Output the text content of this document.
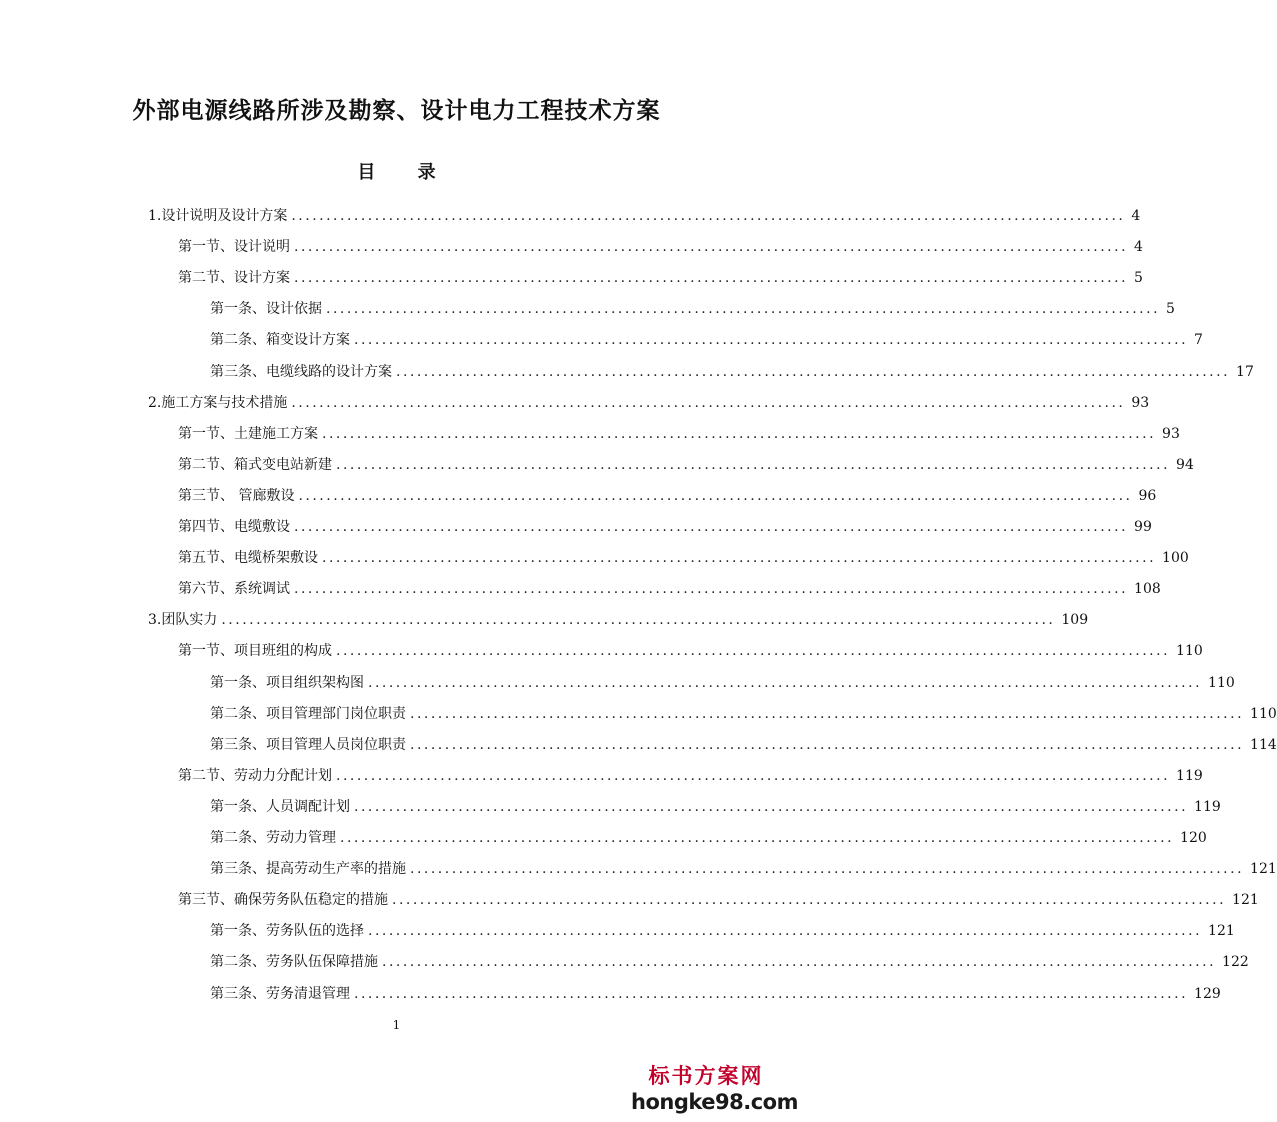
外部电源线路所涉及勘察、设计电力工程技术方案
目 录
1.设计说明及设计方案 ........................................................................................................................ 4
第一节、设计说明 ........................................................................................................................ 4
第二节、设计方案 ........................................................................................................................ 5
第一条、设计依据 ........................................................................................................................ 5
第二条、箱变设计方案 ........................................................................................................................ 7
第三条、电缆线路的设计方案 ........................................................................................................................ 17
2.施工方案与技术措施 ........................................................................................................................ 93
第一节、土建施工方案 ........................................................................................................................ 93
第二节、箱式变电站新建 ........................................................................................................................ 94
第三节、 管廊敷设 ........................................................................................................................ 96
第四节、电缆敷设 ........................................................................................................................ 99
第五节、电缆桥架敷设 ........................................................................................................................ 100
第六节、系统调试 ........................................................................................................................ 108
3.团队实力 ........................................................................................................................ 109
第一节、项目班组的构成 ........................................................................................................................ 110
第一条、项目组织架构图 ........................................................................................................................ 110
第二条、项目管理部门岗位职责 ........................................................................................................................ 110
第三条、项目管理人员岗位职责 ........................................................................................................................ 114
第二节、劳动力分配计划 ........................................................................................................................ 119
第一条、人员调配计划 ........................................................................................................................ 119
第二条、劳动力管理 ........................................................................................................................ 120
第三条、提高劳动生产率的措施 ........................................................................................................................ 121
第三节、确保劳务队伍稳定的措施 ........................................................................................................................ 121
第一条、劳务队伍的选择 ........................................................................................................................ 121
第二条、劳务队伍保障措施 ........................................................................................................................ 122
第三条、劳务清退管理 ........................................................................................................................ 129
1
标书方案网
hongke98.com
